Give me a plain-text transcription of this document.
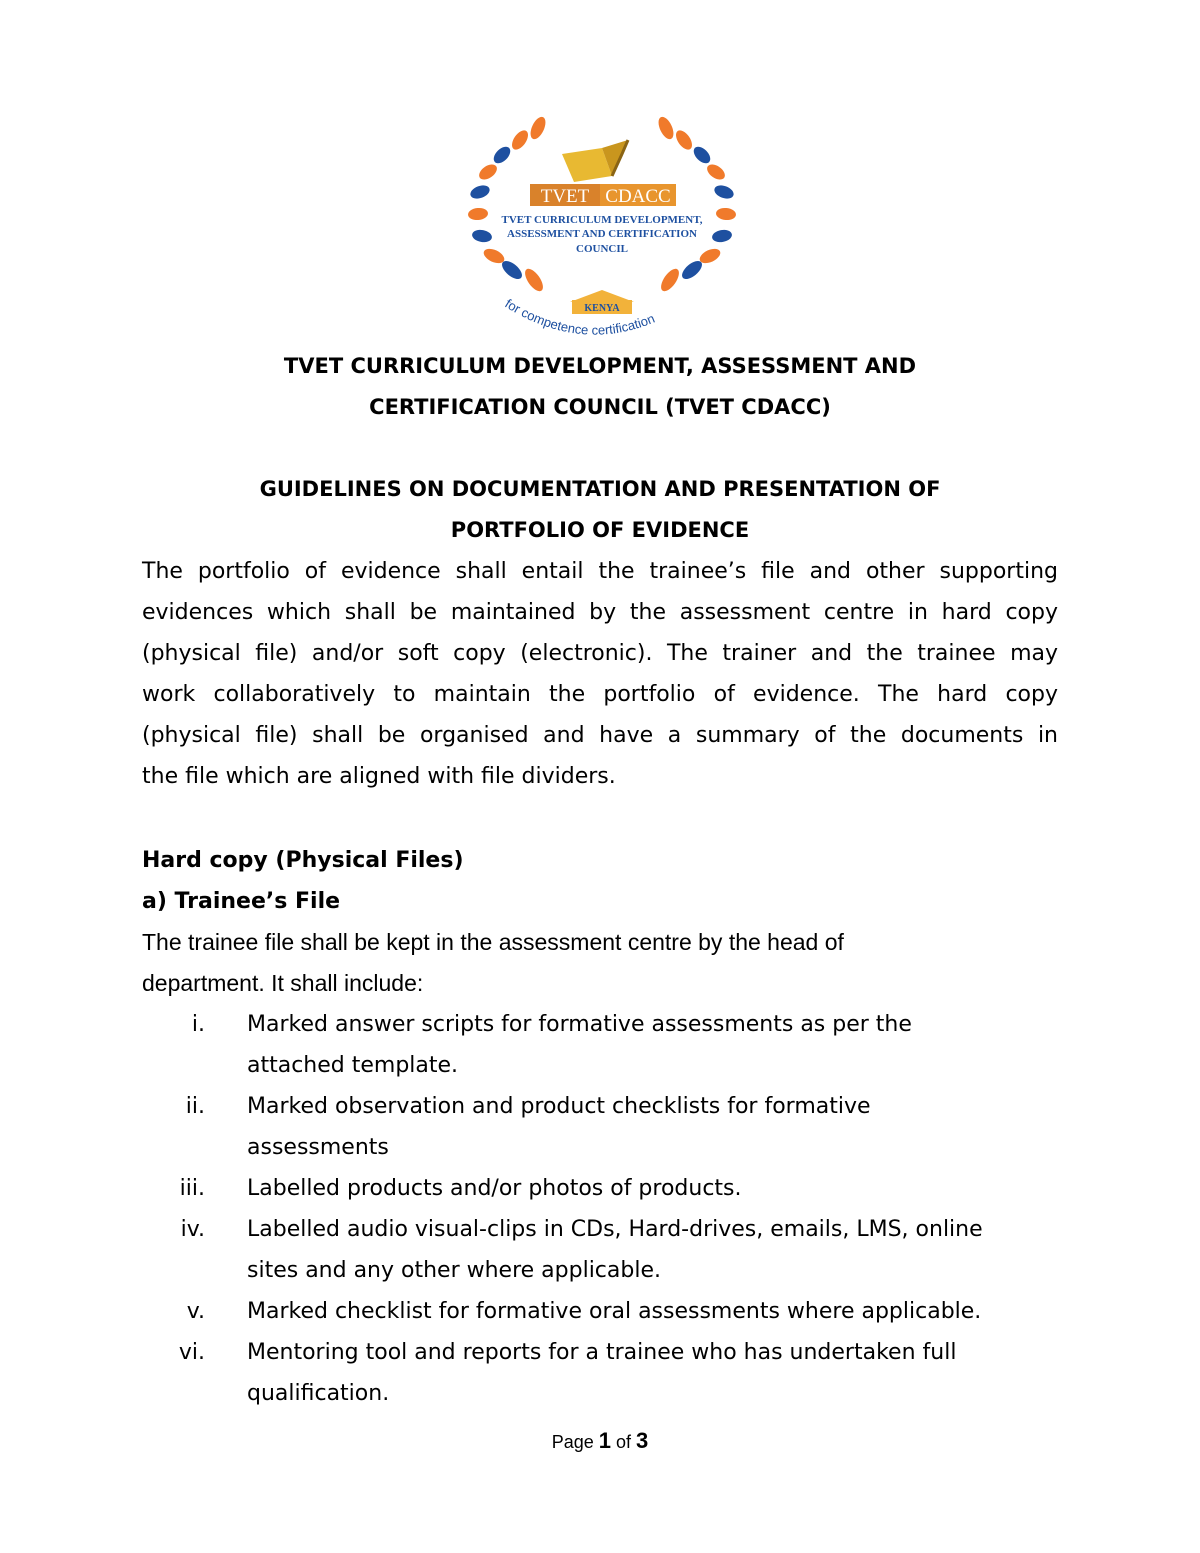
TVET CDACC
TVET CURRICULUM DEVELOPMENT,
ASSESSMENT AND CERTIFICATION
COUNCIL
KENYA
for competence certification
TVET CURRICULUM DEVELOPMENT, ASSESSMENT AND
CERTIFICATION COUNCIL (TVET CDACC)
GUIDELINES ON DOCUMENTATION AND PRESENTATION OF
PORTFOLIO OF EVIDENCE
The portfolio of evidence shall entail the trainee’s file and other supporting
evidences which shall be maintained by the assessment centre in hard copy
(physical file) and/or soft copy (electronic). The trainer and the trainee may
work collaboratively to maintain the portfolio of evidence. The hard copy
(physical file) shall be organised and have a summary of the documents in
the file which are aligned with file dividers.
Hard copy (Physical Files)
a) Trainee’s File
The trainee file shall be kept in the assessment centre by the head of
department. It shall include:
i. Marked answer scripts for formative assessments as per the
attached template.
ii. Marked observation and product checklists for formative
assessments
iii. Labelled products and/or photos of products.
iv. Labelled audio visual-clips in CDs, Hard-drives, emails, LMS, online
sites and any other where applicable.
v. Marked checklist for formative oral assessments where applicable.
vi. Mentoring tool and reports for a trainee who has undertaken full
qualification.
Page 1 of 3
